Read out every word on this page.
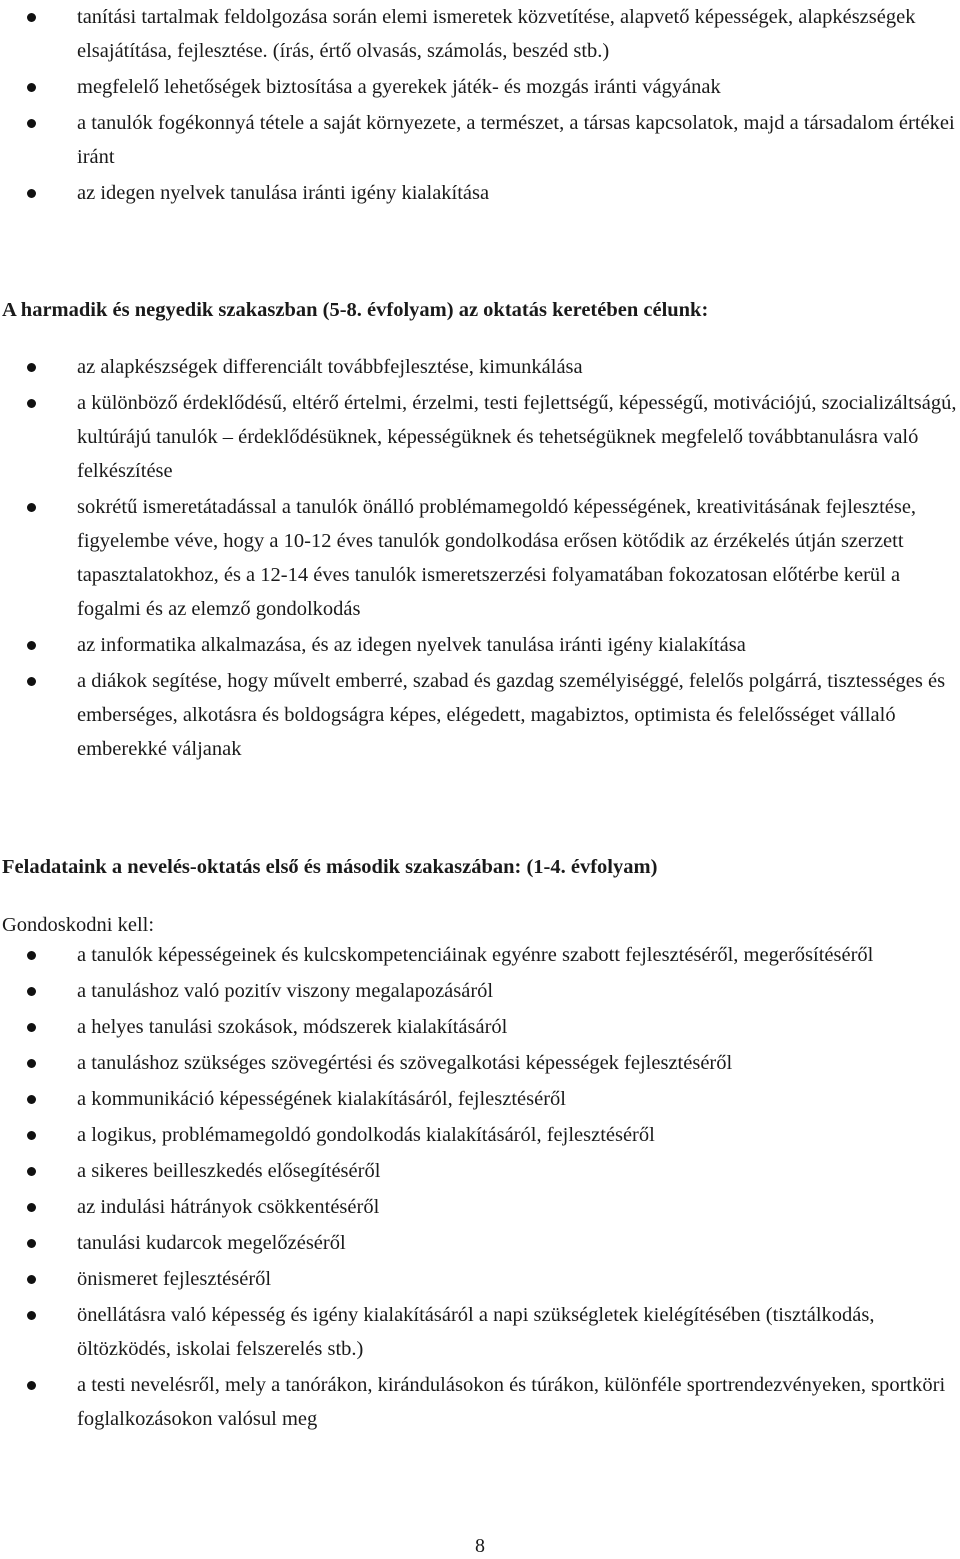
tanítási tartalmak feldolgozása során elemi ismeretek közvetítése, alapvető képességek, alapkészségek elsajátítása, fejlesztése. (írás, értő olvasás, számolás, beszéd stb.)
megfelelő lehetőségek biztosítása a gyerekek játék- és mozgás iránti vágyának
a tanulók fogékonnyá tétele a saját környezete, a természet, a társas kapcsolatok, majd a társadalom értékei iránt
az idegen nyelvek tanulása iránti igény kialakítása
A harmadik és negyedik szakaszban (5-8. évfolyam) az oktatás keretében célunk:
az alapkészségek differenciált továbbfejlesztése, kimunkálása
a különböző érdeklődésű, eltérő értelmi, érzelmi, testi fejlettségű, képességű, motivációjú, szocializáltságú, kultúrájú tanulók – érdeklődésüknek, képességüknek és tehetségüknek megfelelő továbbtanulásra való felkészítése
sokrétű ismeretátadással a tanulók önálló problémamegoldó képességének, kreativitásának fejlesztése, figyelembe véve, hogy a 10-12 éves tanulók gondolkodása erősen kötődik az érzékelés útján szerzett tapasztalatokhoz, és a 12-14 éves tanulók ismeretszerzési folyamatában fokozatosan előtérbe kerül a fogalmi és az elemző gondolkodás
az informatika alkalmazása, és az idegen nyelvek tanulása iránti igény kialakítása
a diákok segítése, hogy művelt emberré, szabad és gazdag személyiséggé, felelős polgárrá, tisztességes és emberséges, alkotásra és boldogságra képes, elégedett, magabiztos, optimista és felelősséget vállaló emberekké váljanak
Feladataink a nevelés-oktatás első és második szakaszában: (1-4. évfolyam)
Gondoskodni kell:
a tanulók képességeinek és kulcskompetenciáinak egyénre szabott fejlesztéséről, megerősítéséről
a tanuláshoz való pozitív viszony megalapozásáról
a helyes tanulási szokások, módszerek kialakításáról
a tanuláshoz szükséges szövegértési és szövegalkotási képességek fejlesztéséről
a kommunikáció képességének kialakításáról, fejlesztéséről
a logikus, problémamegoldó gondolkodás kialakításáról, fejlesztéséről
a sikeres beilleszkedés elősegítéséről
az indulási hátrányok csökkentéséről
tanulási kudarcok megelőzéséről
önismeret fejlesztéséről
önellátásra való képesség és igény kialakításáról a napi szükségletek kielégítésében (tisztálkodás, öltözködés, iskolai felszerelés stb.)
a testi nevelésről, mely a tanórákon, kirándulásokon és túrákon, különféle sportrendezvényeken, sportköri foglalkozásokon valósul meg
8
